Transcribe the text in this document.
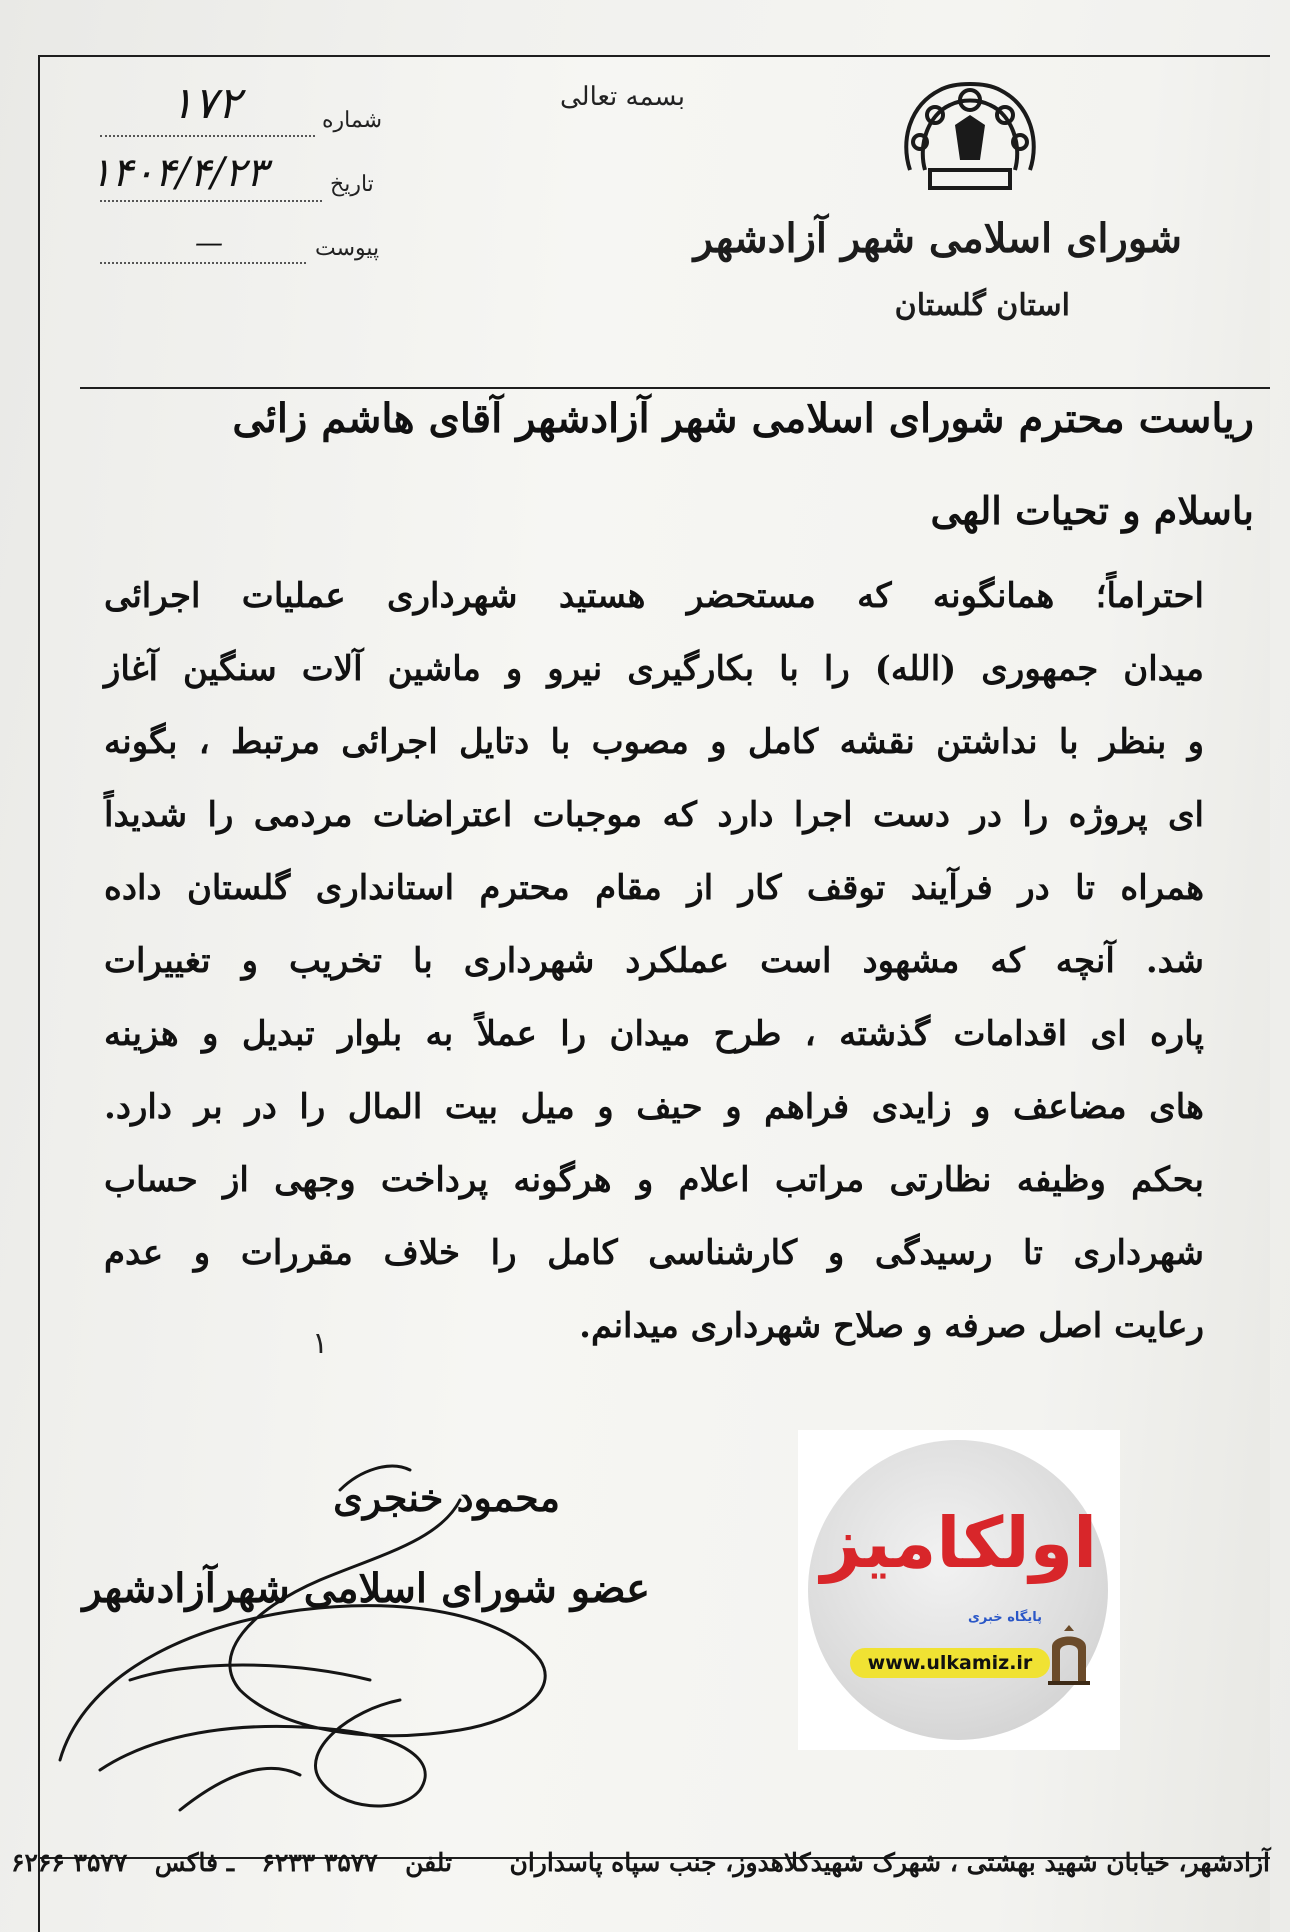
بسمه تعالی
شورای اسلامی شهر آزادشهر
استان گلستان
شماره
۱۷۲
تاریخ
۱۴۰۴/۴/۲۳
پیوست
—
ریاست محترم شورای اسلامی شهر آزادشهر آقای هاشم زائی
باسلام و تحیات الهی
احتراماً؛ همانگونه که مستحضر هستید شهرداری عملیات اجرائی
میدان جمهوری (الله) را با بکارگیری نیرو و ماشین آلات سنگین آغاز
و بنظر با نداشتن نقشه کامل و مصوب با دتایل اجرائی مرتبط ، بگونه
ای پروژه را در دست اجرا دارد که موجبات اعتراضات مردمی را شدیداً
همراه تا در فرآیند توقف کار از مقام محترم استانداری گلستان داده
شد. آنچه که مشهود است عملکرد شهرداری با تخریب و تغییرات
پاره ای اقدامات گذشته ، طرح میدان را عملاً به بلوار تبدیل و هزینه
های مضاعف و زایدی فراهم و حیف و میل بیت المال را در بر دارد.
بحکم وظیفه نظارتی مراتب اعلام و هرگونه پرداخت وجهی از حساب
شهرداری تا رسیدگی و کارشناسی کامل را خلاف مقررات و عدم
رعایت اصل صرفه و صلاح شهرداری میدانم.
١
محمود خنجری
عضو شورای اسلامی شهرآزادشهر
آزادشهر، خیابان شهید بهشتی ، شهرک شهیدکلاهدوز، جنب سپاه پاسداران  تلفن  ۳۵۷۷ ۶۲۳۳  ـ فاکس  ۳۵۷۷ ۶۲۶۶
اولکامیز
پایگاه خبری
www.ulkamiz.ir
